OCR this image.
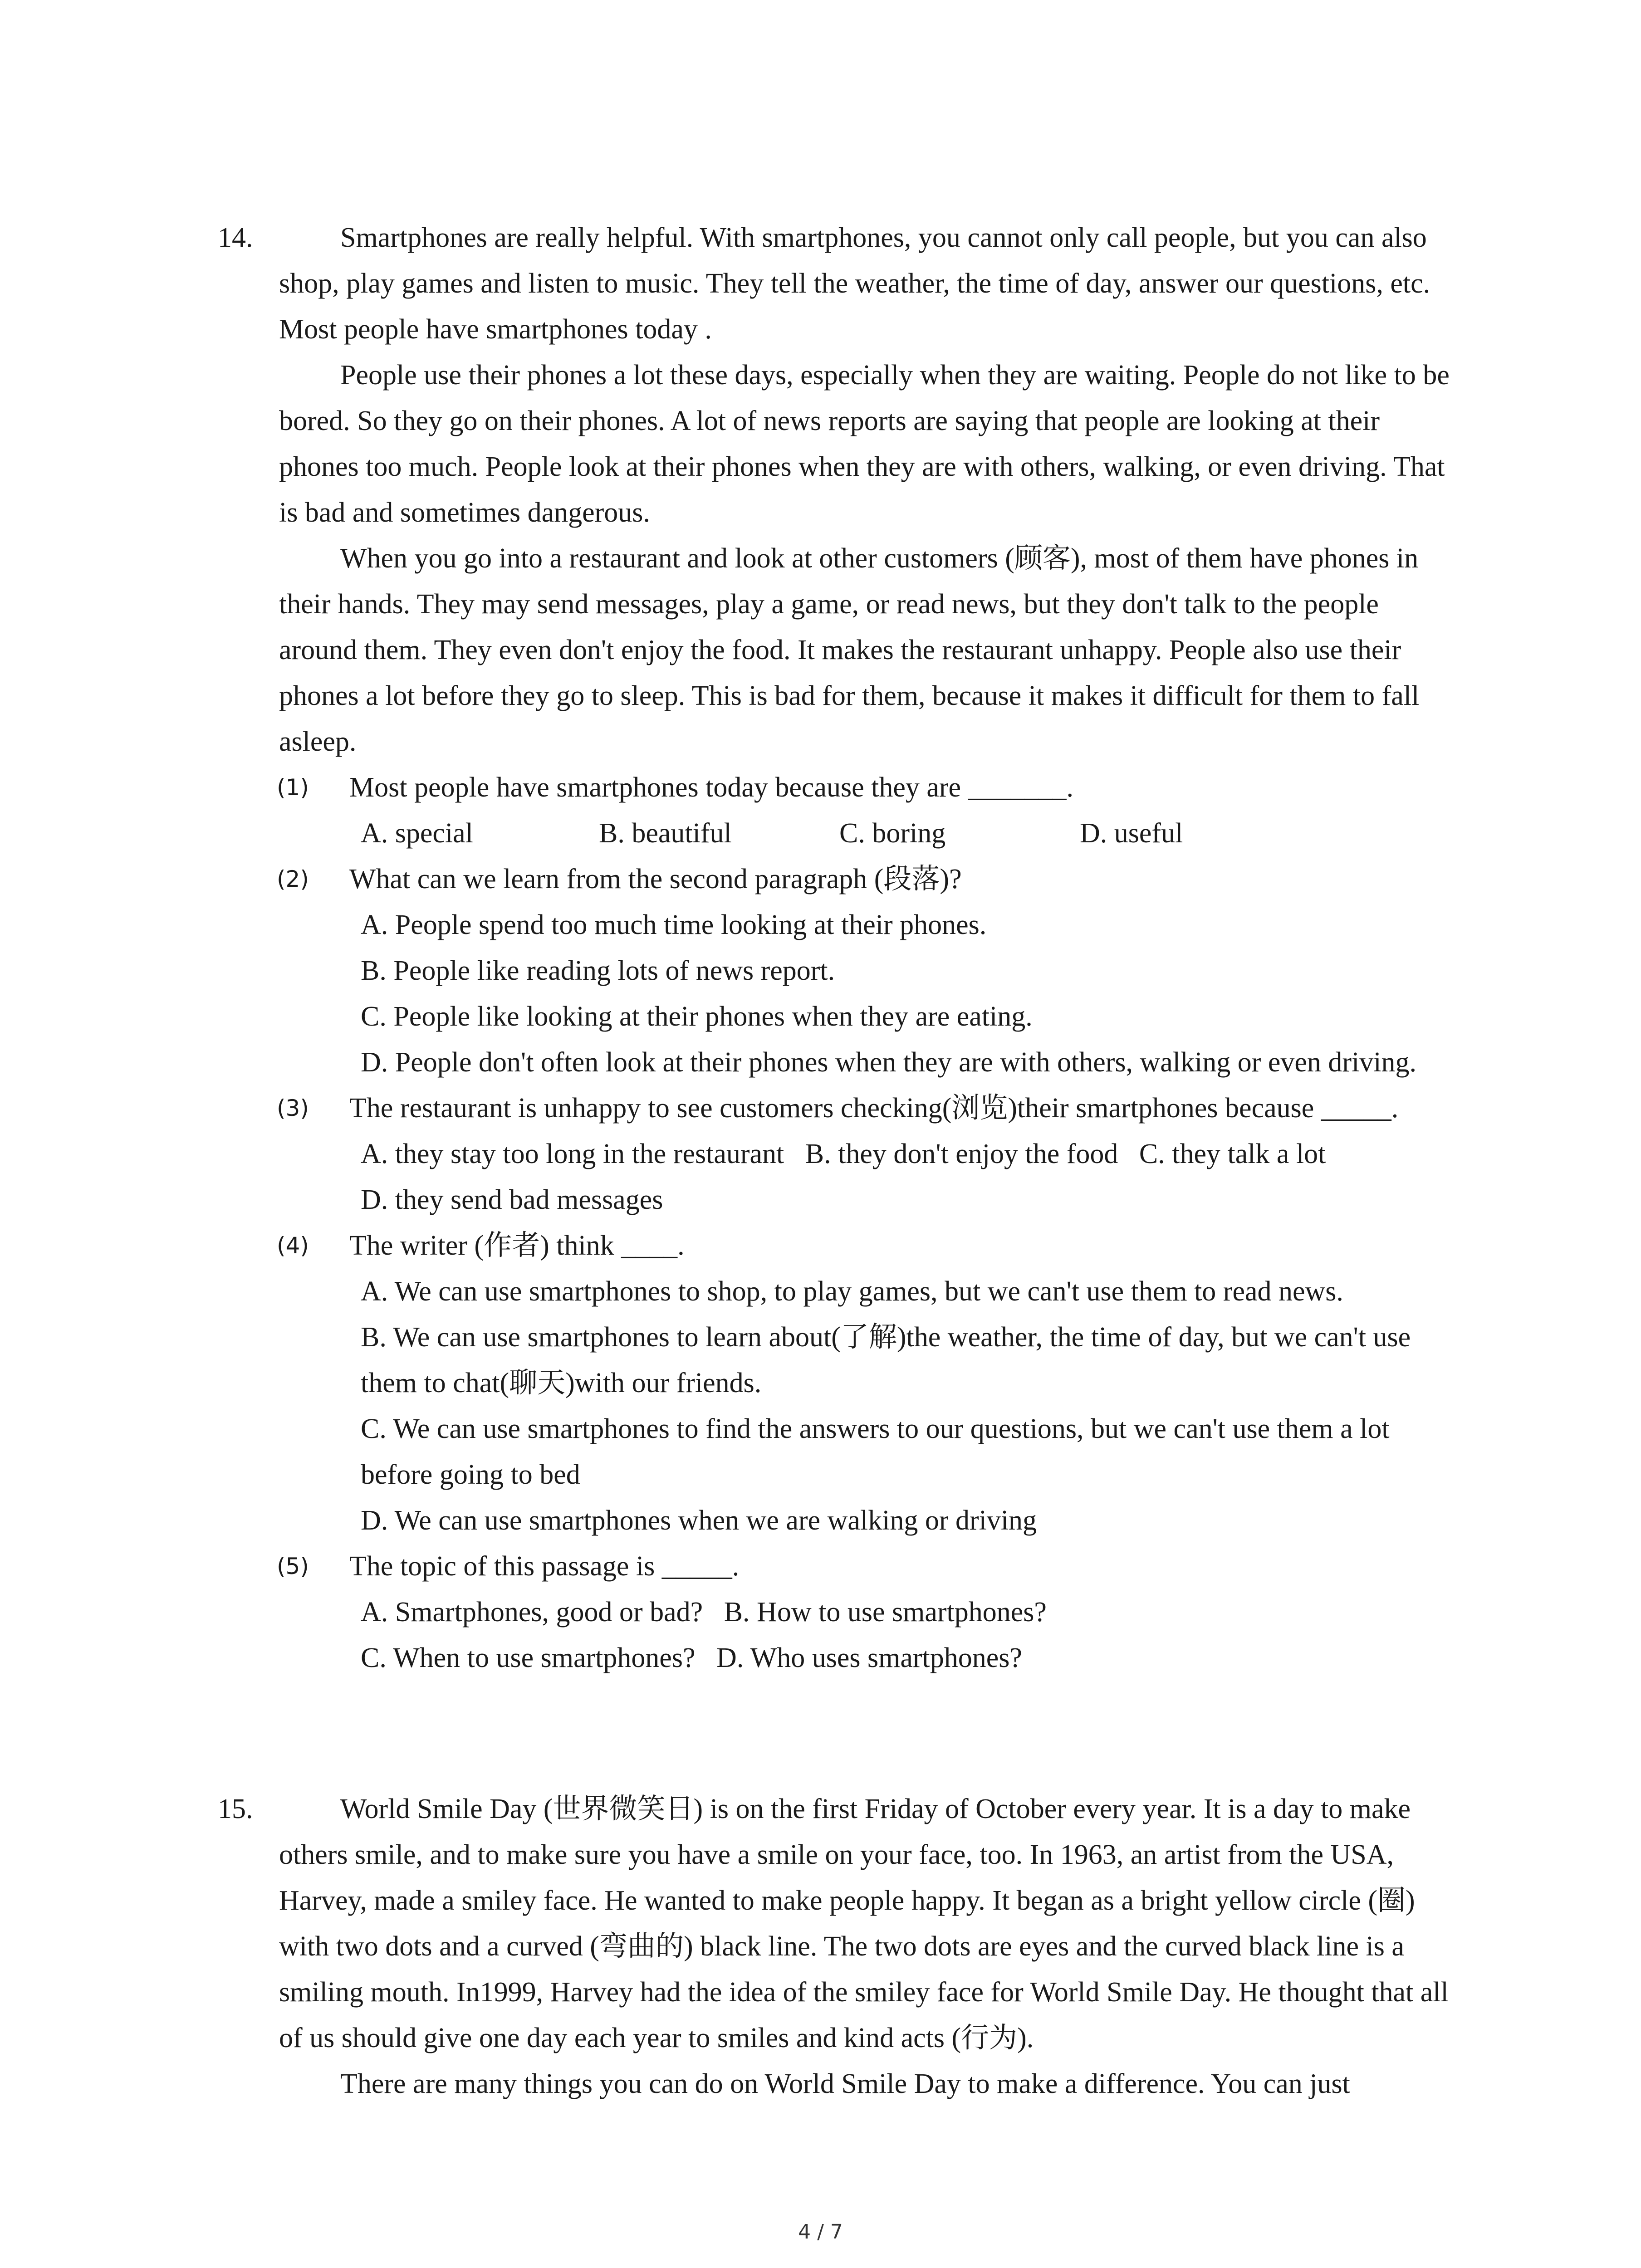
14.	Smartphones are really helpful. With smartphones, you cannot only call people, but you can also shop, play games and listen to music. They tell the weather, the time of day, answer our questions, etc. Most people have smartphones today .

People use their phones a lot these days, especially when they are waiting. People do not like to be bored. So they go on their phones. A lot of news reports are saying that people are looking at their phones too much. People look at their phones when they are with others, walking, or even driving. That is bad and sometimes dangerous.

When you go into a restaurant and look at other customers (顾客), most of them have phones in their hands. They may send messages, play a game, or read news, but they don't talk to the people around them. They even don't enjoy the food. It makes the restaurant unhappy. People also use their phones a lot before they go to sleep. This is bad for them, because it makes it difficult for them to fall asleep.

(1) Most people have smartphones today because they are _______.
A. special	B. beautiful	C. boring	D. useful
(2) What can we learn from the second paragraph (段落)?

A. People spend too much time looking at their phones.

B. People like reading lots of news report.

C. People like looking at their phones when they are eating.

D. People don't often look at their phones when they are with others, walking or even driving.

(3) The restaurant is unhappy to see customers checking(浏览)their smartphones because _____.

A. they stay too long in the restaurant   B. they don't enjoy the food   C. they talk a lot

D. they send bad messages

(4) The writer (作者) think ____.

A. We can use smartphones to shop, to play games, but we can't use them to read news.

B. We can use smartphones to learn about(了解)the weather, the time of day, but we can't use them to chat(聊天)with our friends.

C. We can use smartphones to find the answers to our questions, but we can't use them a lot before going to bed

D. We can use smartphones when we are walking or driving

(5) The topic of this passage is _____.

A. Smartphones, good or bad?   B. How to use smartphones?

C. When to use smartphones?   D. Who uses smartphones?

15.	World Smile Day (世界微笑日) is on the first Friday of October every year. It is a day to make others smile, and to make sure you have a smile on your face, too. In 1963, an artist from the USA, Harvey, made a smiley face. He wanted to make people happy. It began as a bright yellow circle (圈) with two dots and a curved (弯曲的) black line. The two dots are eyes and the curved black line is a smiling mouth. In1999, Harvey had the idea of the smiley face for World Smile Day. He thought that all of us should give one day each year to smiles and kind acts (行为).

There are many things you can do on World Smile Day to make a difference. You can just

4 / 7
